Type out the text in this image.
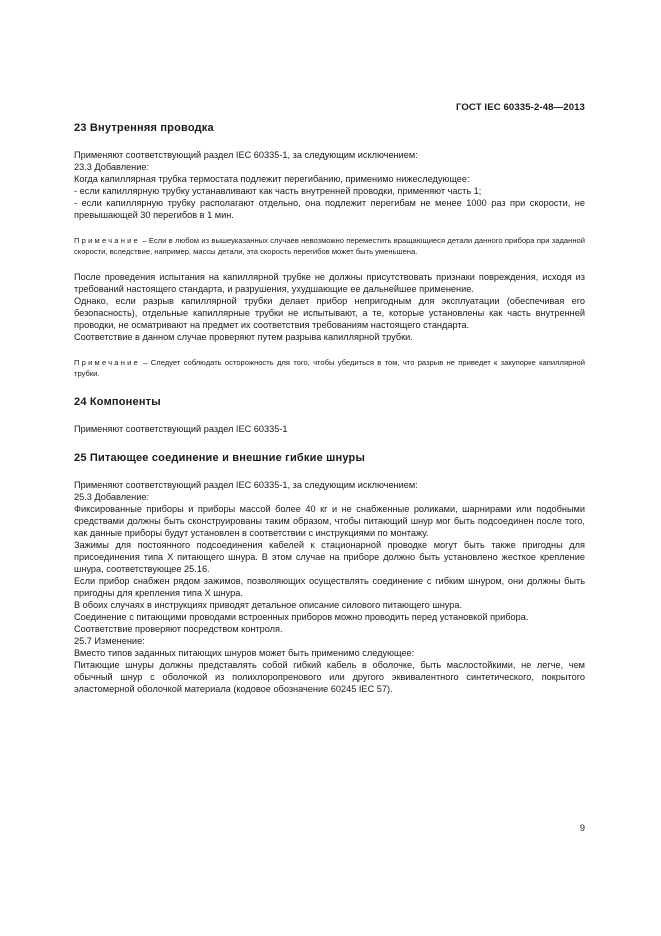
ГОСТ IEC 60335-2-48—2013
23 Внутренняя проводка

Применяют соответствующий раздел IEC 60335-1, за следующим исключением:

23.3 Добавление:

Когда капиллярная трубка термостата подлежит перегибанию, применимо нижеследующее:

- если капиллярную трубку устанавливают как часть внутренней проводки, применяют часть 1;

- если капиллярную трубку располагают отдельно, она подлежит перегибам не менее 1000 раз при скорости, не превышающей 30 перегибов в 1 мин.

Примечание – Если в любом из вышеуказанных случаев невозможно переместить вращающиеся детали данного прибора при заданной скорости, вследствие, например, массы детали, эта скорость перегибов может быть уменьшена.

После проведения испытания на капиллярной трубке не должны присутствовать признаки повреждения, исходя из требований настоящего стандарта, и разрушения, ухудшающие ее дальнейшее применение.

Однако, если разрыв капиллярной трубки делает прибор непригодным для эксплуатации (обеспечивая его безопасность), отдельные капиллярные трубки не испытывают, а те, которые установлены как часть внутренней проводки, не осматривают на предмет их соответствия требованиям настоящего стандарта.

Соответствие в данном случае проверяют путем разрыва капиллярной трубки.

Примечание – Следует соблюдать осторожность для того, чтобы убедиться в том, что разрыв не приведет к закупорке капиллярной трубки.

24 Компоненты

Применяют соответствующий раздел IEC 60335-1

25 Питающее соединение и внешние гибкие шнуры

Применяют соответствующий раздел IEC 60335-1, за следующим исключением:

25.3 Добавление:

Фиксированные приборы и приборы массой более 40 кг и не снабженные роликами, шарнирами или подобными средствами должны быть сконструированы таким образом, чтобы питающий шнур мог быть подсоединен после того, как данные приборы будут установлен в соответствии с инструкциями по монтажу.

Зажимы для постоянного подсоединения кабелей к стационарной проводке могут быть также пригодны для присоединения типа Х питающего шнура. В этом случае на приборе должно быть установлено жесткое крепление шнура, соответствующее 25.16.

Если прибор снабжен рядом зажимов, позволяющих осуществлять соединение с гибким шнуром, они должны быть пригодны для крепления типа Х шнура.

В обоих случаях в инструкциях приводят детальное описание силового питающего шнура.

Соединение с питающими проводами встроенных приборов можно проводить перед установкой прибора.

Соответствие проверяют посредством контроля.

25.7 Изменение:

Вместо типов заданных питающих шнуров может быть применимо следующее:

Питающие шнуры должны представлять собой гибкий кабель в оболочке, быть маслостойкими, не легче, чем обычный шнур с оболочкой из полихлоропренового или другого эквивалентного синтетического, покрытого эластомерной оболочкой материала (кодовое обозначение 60245 IEC 57).

9
